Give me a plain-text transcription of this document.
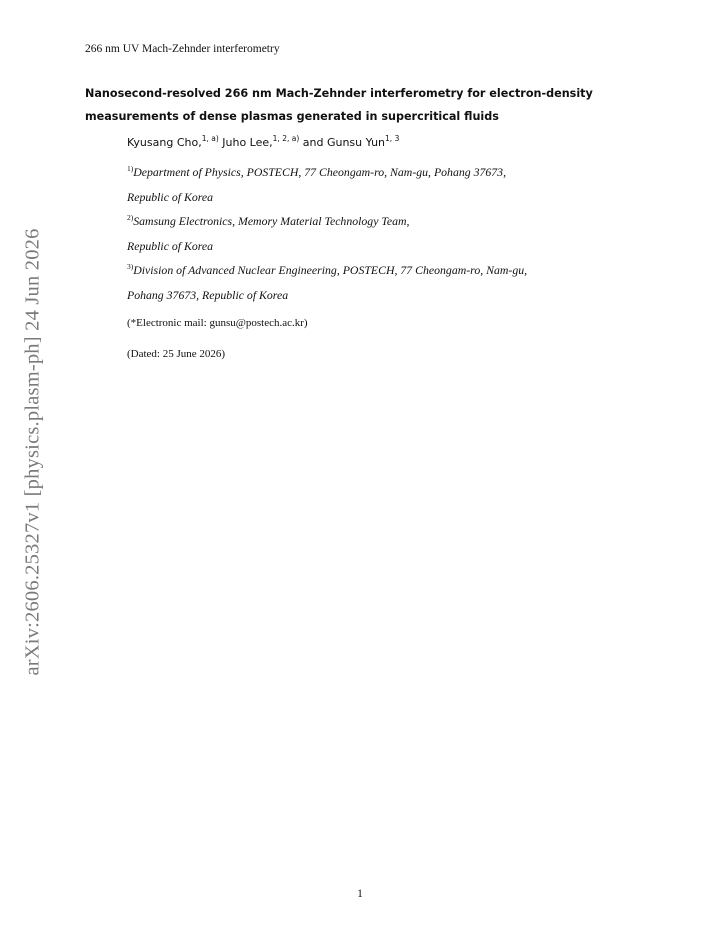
266 nm UV Mach-Zehnder interferometry
Nanosecond-resolved 266 nm Mach-Zehnder interferometry for electron-density
measurements of dense plasmas generated in supercritical fluids
Kyusang Cho,$^{1, a)}$ Juho Lee,$^{1, 2, a)}$ and Gunsu Yun$^{1, 3}$
$^{1)}$Department of Physics, POSTECH, 77 Cheongam-ro, Nam-gu, Pohang 37673,
Republic of Korea
$^{2)}$Samsung Electronics, Memory Material Technology Team,
Republic of Korea
$^{3)}$Division of Advanced Nuclear Engineering, POSTECH, 77 Cheongam-ro, Nam-gu,
Pohang 37673, Republic of Korea
(*Electronic mail: gunsu@postech.ac.kr)
(Dated: 25 June 2026)
arXiv:2606.25327v1 [physics.plasm-ph] 24 Jun 2026
1
